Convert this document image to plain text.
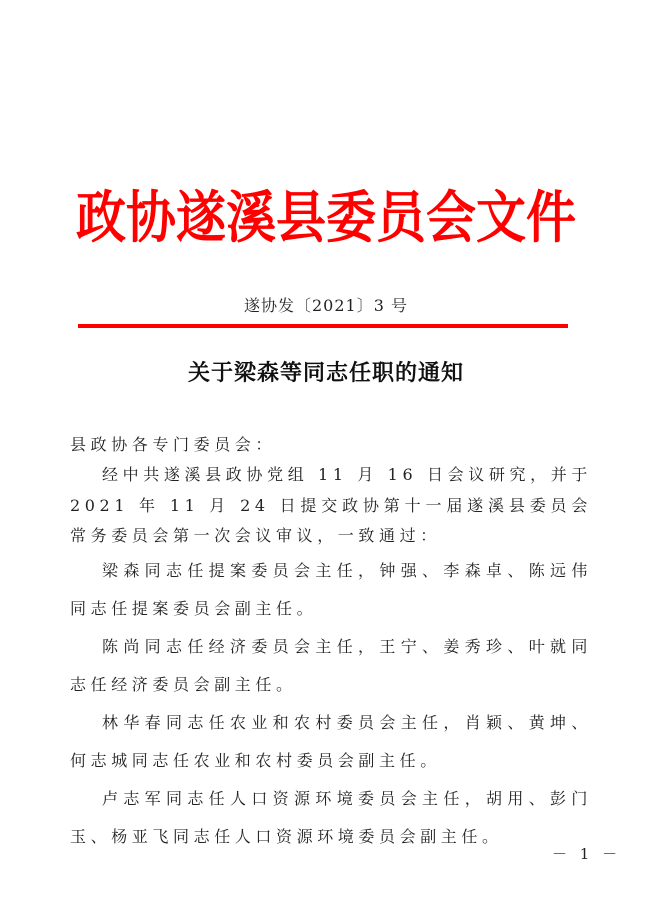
政协遂溪县委员会文件
遂协发〔2021〕3 号
关于梁森等同志任职的通知

县政协各专门委员会：

经中共遂溪县政协党组 11 月 16 日会议研究，并于 2021 年 11 月 24 日提交政协第十一届遂溪县委员会常务委员会第一次会议审议，一致通过：

梁森同志任提案委员会主任，钟强、李森卓、陈远伟同志任提案委员会副主任。

陈尚同志任经济委员会主任，王宁、姜秀珍、叶就同志任经济委员会副主任。

林华春同志任农业和农村委员会主任，肖颖、黄坤、何志城同志任农业和农村委员会副主任。

卢志军同志任人口资源环境委员会主任，胡用、彭门玉、杨亚飞同志任人口资源环境委员会副主任。

－ 1 －
